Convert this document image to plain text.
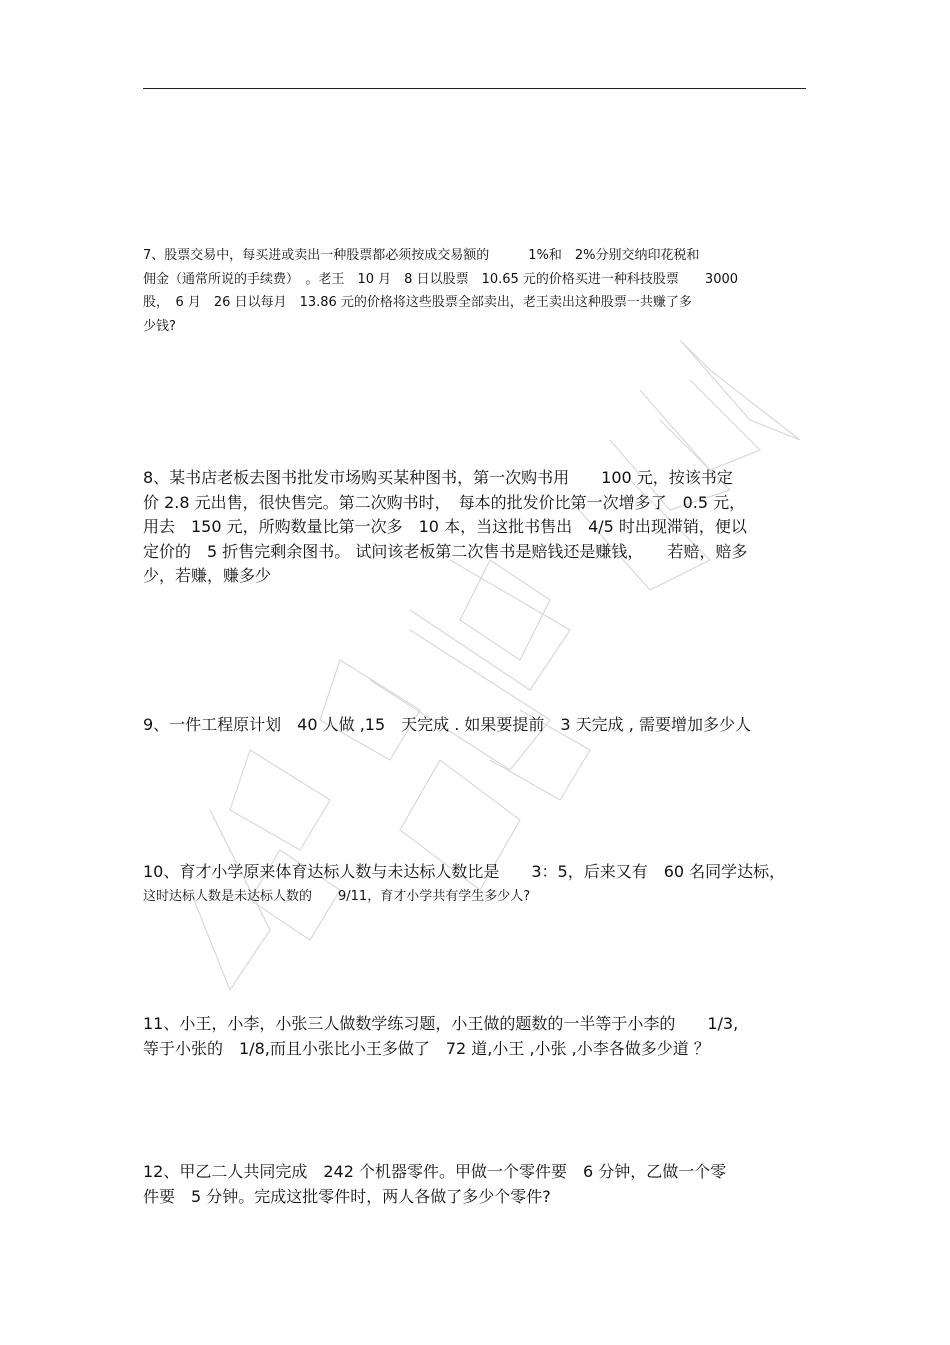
7、股票交易中，每买进或卖出一种股票都必须按成交易额的　　　1%和　2%分别交纳印花税和
佣金（通常所说的手续费）　。老王　10 月　8 日以股票　10.65 元的价格买进一种科技股票　　3000
股，　6 月　26 日以每月　13.86 元的价格将这些股票全部卖出，老王卖出这种股票一共赚了多
少钱?
8、某书店老板去图书批发市场购买某种图书，第一次购书用　　100 元，按该书定
价 2.8 元出售，很快售完。第二次购书时，　每本的批发价比第一次增多了　0.5 元，
用去　150 元，所购数量比第一次多　10 本，当这批书售出　4/5 时出现滞销，便以
定价的　5 折售完剩余图书。 试问该老板第二次售书是赔钱还是赚钱，　　若赔，赔多
少，若赚，赚多少
9、一件工程原计划　40 人做 ,15　天完成 . 如果要提前　3 天完成 , 需要增加多少人
10、育才小学原来体育达标人数与未达标人数比是　　3：5，后来又有　60 名同学达标，
这时达标人数是未达标人数的　　9/11，育才小学共有学生多少人?
11、小王，小李，小张三人做数学练习题，小王做的题数的一半等于小李的　　1/3,
等于小张的　1/8,而且小张比小王多做了　72 道,小王 ,小张 ,小李各做多少道 ？
12、甲乙二人共同完成　242 个机器零件。甲做一个零件要　6 分钟，乙做一个零
件要　5 分钟。完成这批零件时，两人各做了多少个零件?
